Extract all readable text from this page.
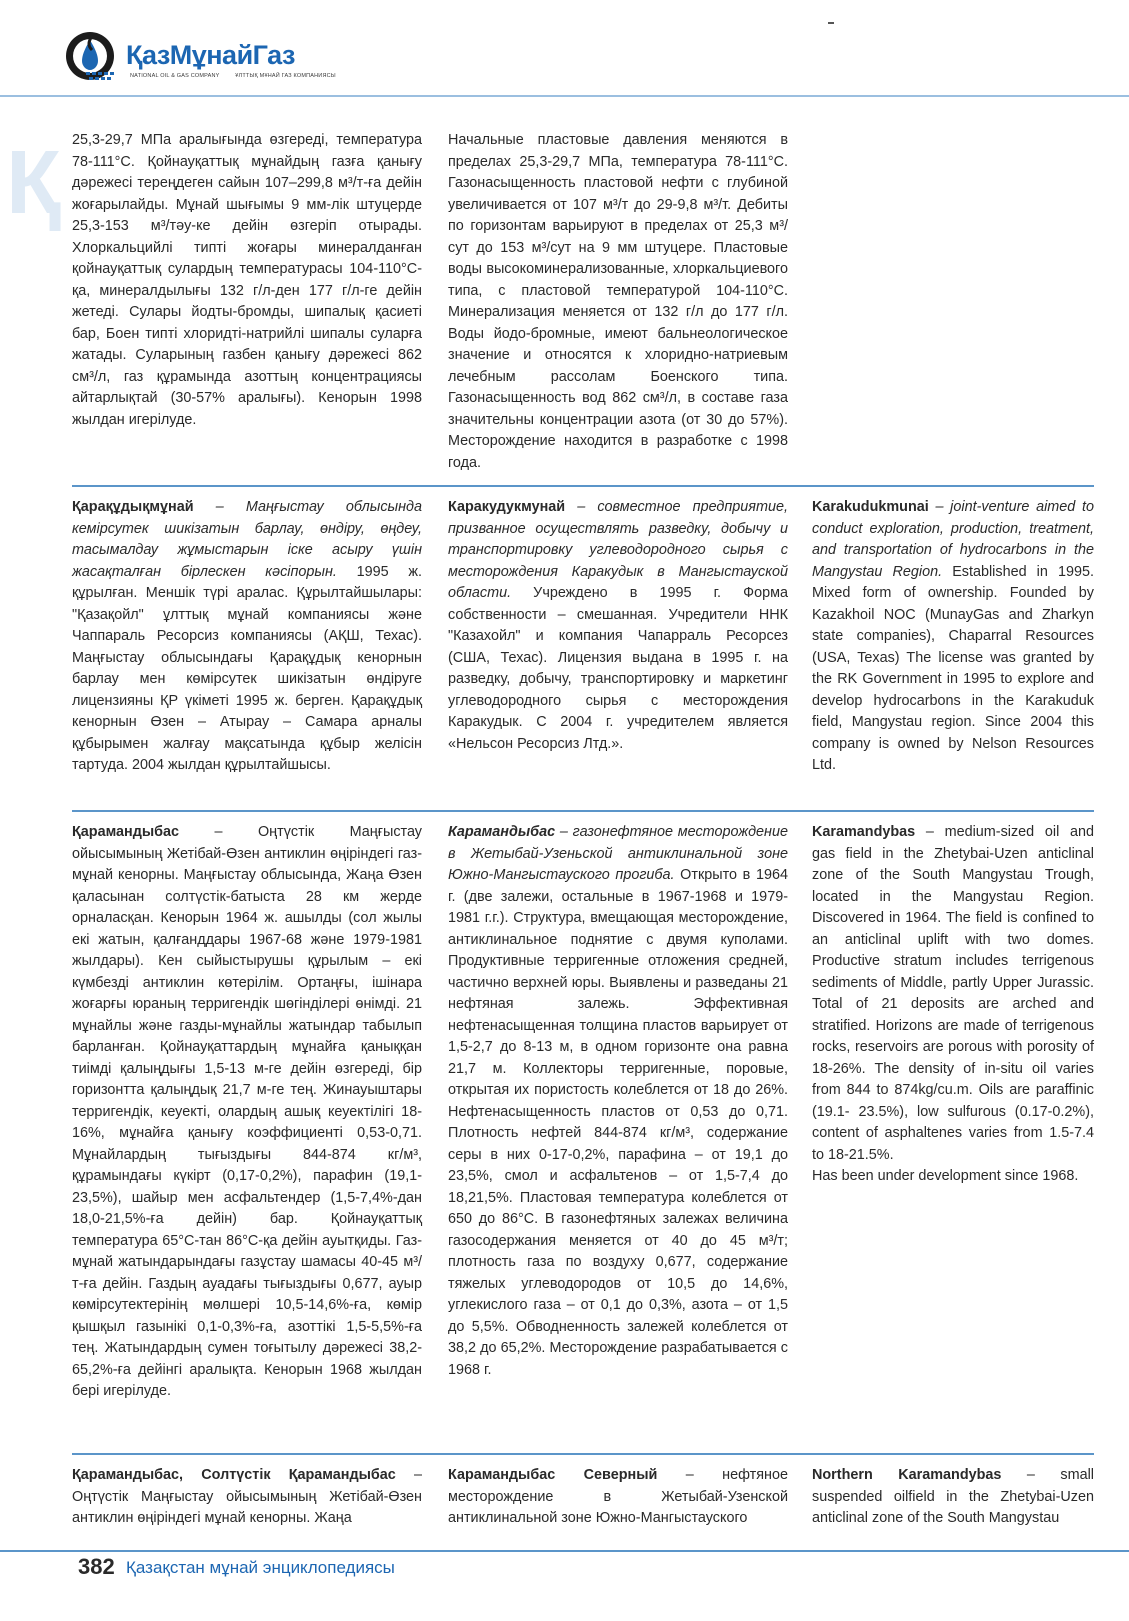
ҚазМұнайГаз
NATIONAL OIL & GAS COMPANY	ҰЛТТЫҚ МҰНАЙ ГАЗ КОМПАНИЯСЫ
Қ 25,3-29,7 МПа аралығында өзгереді, температура 78-111°С. Қойнауқаттық мұнайдың газға қанығу дәрежесі тереңдеген сайын 107–299,8 м³/т-ға дейін жоғарылайды. Мұнай шығымы 9 мм-лік штуцерде 25,3-153 м³/тәу-ке дейін өзгеріп отырады. Хлоркальцийлі типті жоғары минералданған қойнауқаттық сулардың температурасы 104-110°С-қа, минералдылығы 132 г/л-ден 177 г/л-ге дейін жетеді. Сулары йодты-бромды, шипалық қасиеті бар, Боен типті хлоридті-натрийлі шипалы суларға жатады. Суларының газбен қанығу дәрежесі 862 см³/л, газ құрамында азоттың концентрациясы айтарлықтай (30-57% аралығы). Кенорын 1998 жылдан игерілуде.

Начальные пластовые давления меняются в пределах 25,3-29,7 МПа, температура 78-111°С. Газонасыщенность пластовой нефти с глубиной увеличивается от 107 м³/т до 29-9,8 м³/т. Дебиты по горизонтам варьируют в пределах от 25,3 м³/сут до 153 м³/сут на 9 мм штуцере. Пластовые воды высокоминерализованные, хлоркальциевого типа, с пластовой температурой 104-110°С. Минерализация меняется от 132 г/л до 177 г/л. Воды йодо-бромные, имеют бальнеологическое значение и относятся к хлоридно-натриевым лечебным рассолам Боенского типа. Газонасыщенность вод 862 см³/л, в составе газа значительны концентрации азота (от 30 до 57%). Месторождение находится в разработке с 1998 года.

Қарақұдықмұнай – Маңғыстау облысында кемірсутек шикізатын барлау, өндіру, өңдеу, тасымалдау жұмыстарын іске асыру үшін жасақталған бірлескен кәсіпорын. 1995 ж. құрылған. Меншік түрі аралас. Құрылтайшылары: "Қазақойл" ұлттық мұнай компаниясы және Чаппараль Ресорсиз компаниясы (АҚШ, Техас). Маңғыстау облысындағы Қарақұдық кенорнын барлау мен көмірсутек шикізатын өндіруге лицензияны ҚР үкіметі 1995 ж. берген. Қарақұдық кенорнын Өзен – Атырау – Самара арналы құбырымен жалғау мақсатында құбыр желісін тартуда. 2004 жылдан құрылтайшысы.

Каракудукмунай – совместное предприятие, призванное осуществлять разведку, добычу и транспортировку углеводородного сырья с месторождения Каракудык в Мангыстауской области. Учреждено в 1995 г. Форма собственности – смешанная. Учредители ННК "Казахойл" и компания Чапарраль Ресорсез (США, Техас). Лицензия выдана в 1995 г. на разведку, добычу, транспортировку и маркетинг углеводородного сырья с месторождения Каракудык. С 2004 г. учредителем является «Нельсон Ресорсиз Лтд.».

Karakudukmunai – joint-venture aimed to conduct exploration, production, treatment, and transportation of hydrocarbons in the Mangystau Region. Established in 1995. Mixed form of ownership. Founded by Kazakhoil NOC (MunayGas and Zharkyn state companies), Chaparral Resources (USA, Texas) The license was granted by the RK Government in 1995 to explore and develop hydrocarbons in the Karakuduk field, Mangystau region. Since 2004 this company is owned by Nelson Resources Ltd.

Қарамандыбас – Оңтүстік Маңғыстау ойысымының Жетібай-Өзен антиклин өңіріндегі газ-мұнай кенорны. Маңғыстау облысында, Жаңа Өзен қаласынан солтүстік-батыста 28 км жерде орналасқан. Кенорын 1964 ж. ашылды (сол жылы екі жатын, қалғанддары 1967-68 және 1979-1981 жылдары). Кен сыйыстырушы құрылым – екі күмбезді антиклин көтерілім. Ортаңғы, ішінара жоғарғы юраның терригендік шөгінділері өнімді. 21 мұнайлы және газды-мұнайлы жатындар табылып барланған. Қойнауқаттардың мұнайға қаныққан тиімді қалыңдығы 1,5-13 м-ге дейін өзгереді, бір горизонтта қалыңдық 21,7 м-ге тең. Жинауыштары терригендік, кеуекті, олардың ашық кеуектілігі 18-16%, мұнайға қанығу коэффициенті 0,53-0,71. Мұнайлардың тығыздығы 844-874 кг/м³, құрамындағы күкірт (0,17-0,2%), парафин (19,1-23,5%), шайыр мен асфальтендер (1,5-7,4%-дан 18,0-21,5%-ға дейін) бар. Қойнауқаттық температура 65°С-тан 86°С-қа дейін ауытқиды. Газ-мұнай жатындарындағы газұстау шамасы 40-45 м³/т-ға дейін. Газдың ауадағы тығыздығы 0,677, ауыр көмірсутектерінің мөлшері 10,5-14,6%-ға, көмір қышқыл газынікі 0,1-0,3%-ға, азоттікі 1,5-5,5%-ға тең. Жатындардың сумен тоғытылу дәрежесі 38,2-65,2%-ға дейінгі аралықта. Кенорын 1968 жылдан бері игерілуде.

Карамандыбас – газонефтяное месторождение в Жетыбай-Узеньской антиклинальной зоне Южно-Мангыстауского прогиба. Открыто в 1964 г. (две залежи, остальные в 1967-1968 и 1979-1981 г.г.). Структура, вмещающая месторождение, антиклинальное поднятие с двумя куполами. Продуктивные терригенные отложения средней, частично верхней юры. Выявлены и разведаны 21 нефтяная залежь. Эффективная нефтенасыщенная толщина пластов варьирует от 1,5-2,7 до 8-13 м, в одном горизонте она равна 21,7 м. Коллекторы терригенные, поровые, открытая их пористость колеблется от 18 до 26%. Нефтенасыщенность пластов от 0,53 до 0,71. Плотность нефтей 844-874 кг/м³, содержание серы в них 0-17-0,2%, парафина – от 19,1 до 23,5%, смол и асфальтенов – от 1,5-7,4 до 18,21,5%. Пластовая температура колеблется от 650 до 86°С. В газонефтяных залежах величина газосодержания меняется от 40 до 45 м³/т; плотность газа по воздуху 0,677, содержание тяжелых углеводородов от 10,5 до 14,6%, углекислого газа – от 0,1 до 0,3%, азота – от 1,5 до 5,5%. Обводненность залежей колеблется от 38,2 до 65,2%. Месторождение разрабатывается с 1968 г.

Karamandybas – medium-sized oil and gas field in the Zhetybai-Uzen anticlinal zone of the South Mangystau Trough, located in the Mangystau Region. Discovered in 1964. The field is confined to an anticlinal uplift with two domes. Productive stratum includes terrigenous sediments of Middle, partly Upper Jurassic. Total of 21 deposits are arched and stratified. Horizons are made of terrigenous rocks, reservoirs are porous with porosity of 18-26%. The density of in-situ oil varies from 844 to 874kg/cu.m. Oils are paraffinic (19.1- 23.5%), low sulfurous (0.17-0.2%), content of asphaltenes varies from 1.5-7.4 to 18-21.5%.

Has been under development since 1968.

Қарамандыбас, Солтүстік Қарамандыбас – Оңтүстік Маңғыстау ойысымының Жетібай-Өзен антиклин өңіріндегі мұнай кенорны. Жаңа

Карамандыбас Северный – нефтяное месторождение в Жетыбай-Узенской антиклинальной зоне Южно-Мангыстауского

Northern Karamandybas – small suspended oilfield in the Zhetybai-Uzen anticlinal zone of the South Mangystau

382 Қазақстан мұнай энциклопедиясы
